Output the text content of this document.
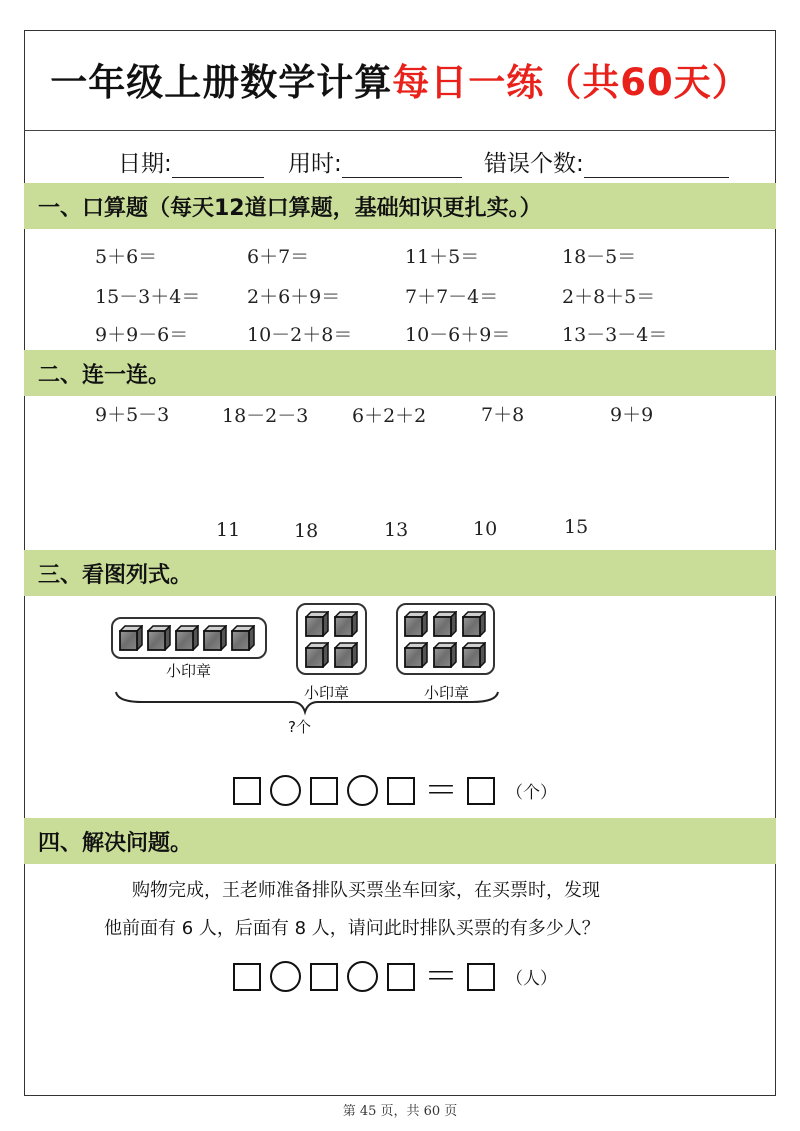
一年级上册数学计算每日一练（共60天）
日期:	用时:	错误个数:
一、口算题（每天12道口算题，基础知识更扎实。）
5＋6＝	6＋7＝	11＋5＝	18－5＝
15－3＋4＝ 2＋6＋9＝	7＋7－4＝	2＋8＋5＝
9＋9－6＝	10－2＋8＝	10－6＋9＝	13－3－4＝
二、连一连。
9＋5－3	18－2－3 6＋2＋2	7＋8	9＋9
11	18	13	10	15
三、看图列式。
小印章
小印章	小印章
?个
＝	（个）
四、解决问题。
购物完成，王老师准备排队买票坐车回家，在买票时，发现
他前面有 6 人，后面有 8 人，请问此时排队买票的有多少人？
＝	（人）
第 45 页，共 60 页
